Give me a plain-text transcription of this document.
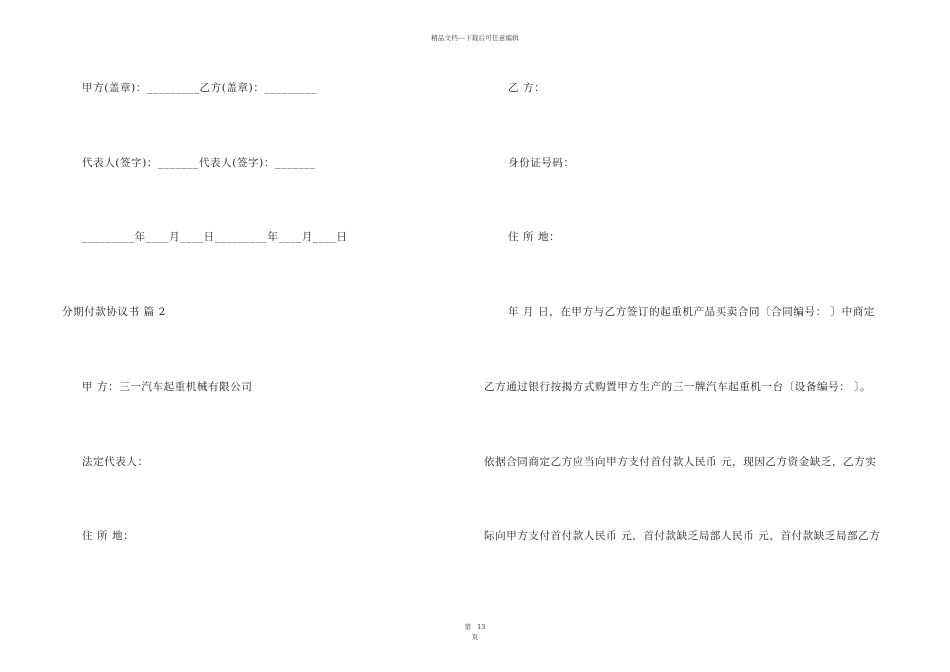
精品文档---下载后可任意编辑
甲方(盖章)：_________乙方(盖章)：_________
代表人(签字)：_______代表人(签字)：_______
_________年____月____日_________年____月____日
分期付款协议书 篇 2
甲 方：三一汽车起重机械有限公司
法定代表人：
住 所 地：
乙 方：
身份证号码：
住 所 地：
年 月 日，在甲方与乙方签订的起重机产品买卖合同〔合同编号： 〕中商定
乙方通过银行按揭方式购置甲方生产的三一牌汽车起重机一台〔设备编号： 〕。
依据合同商定乙方应当向甲方支付首付款人民币 元，现因乙方资金缺乏，乙方实
际向甲方支付首付款人民币 元，首付款缺乏局部人民币 元，首付款缺乏局部乙方
第 13
页
